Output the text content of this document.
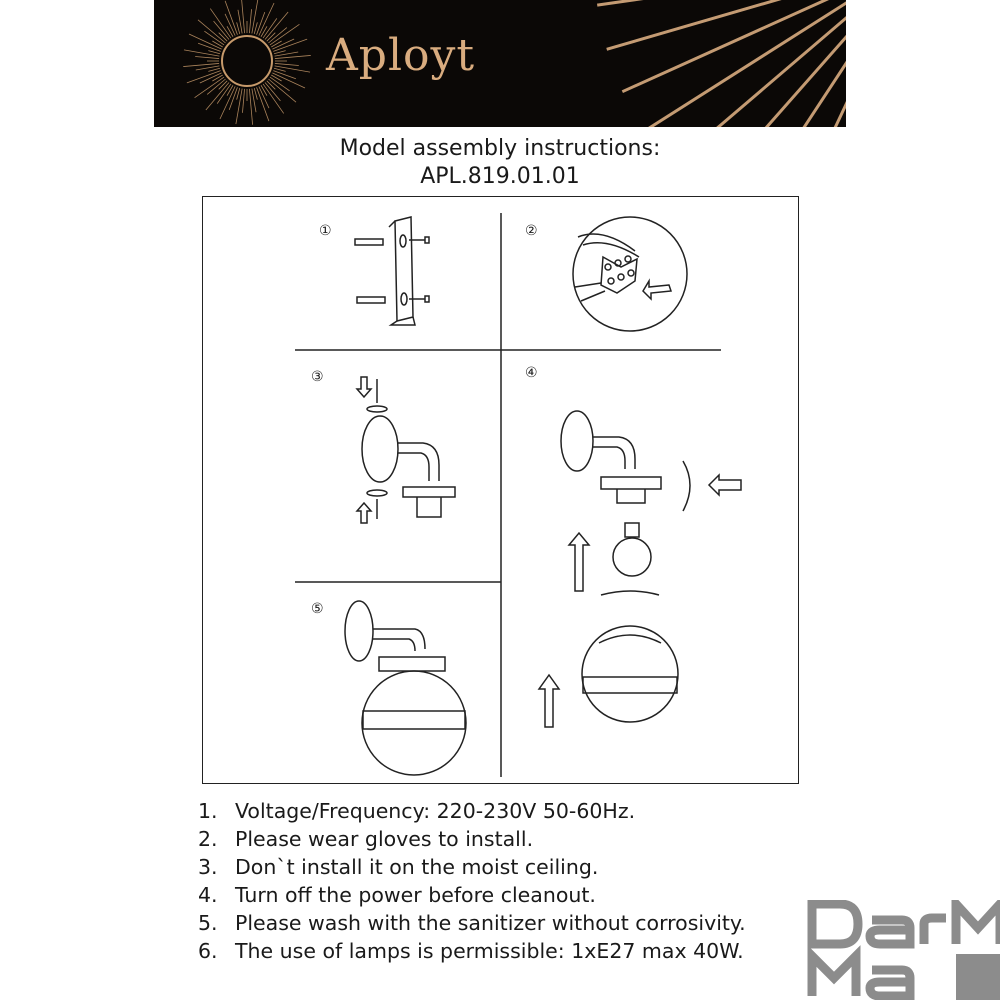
Aployt
Model assembly instructions:
APL.819.01.01
①	②
③	④
⑤
1. Voltage/Frequency: 220-230V 50-60Hz.
2. Please wear gloves to install.
3. Don`t install it on the moist ceiling.
4. Turn off the power before cleanout.
5. Please wash with the sanitizer without corrosivity.
6. The use of lamps is permissible: 1xE27 max 40W.
